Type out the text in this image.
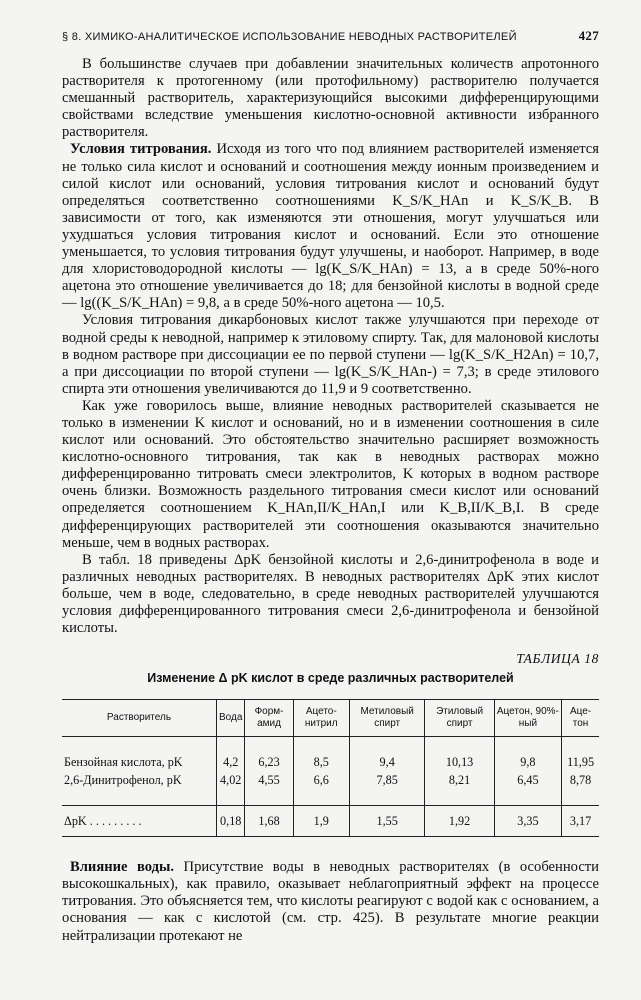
§ 8. ХИМИКО-АНАЛИТИЧЕСКОЕ ИСПОЛЬЗОВАНИЕ НЕВОДНЫХ РАСТВОРИТЕЛЕЙ	427

В большинстве случаев при добавлении значительных количеств апротонного растворителя к протогенному (или протофильному) растворителю получается смешанный растворитель, характеризующийся высокими дифференцирующими свойствами вследствие уменьшения кислотно-основной активности избранного растворителя.

Условия титрования. Исходя из того что под влиянием растворителей изменяется не только сила кислот и оснований и соотношения между ионным произведением и силой кислот или оснований, условия титрования кислот и оснований будут определяться соответственно соотношениями K_S/K_HAn и K_S/K_B. В зависимости от того, как изменяются эти отношения, могут улучшаться или ухудшаться условия титрования кислот и оснований. Если это отношение уменьшается, то условия титрования будут улучшены, и наоборот. Например, в воде для хлористоводородной кислоты — lg(K_S/K_HAn) = 13, а в среде 50%-ного ацетона это отношение увеличивается до 18; для бензойной кислоты в водной среде — lg((K_S/K_HAn) = 9,8, а в среде 50%-ного ацетона — 10,5.

Условия титрования дикарбоновых кислот также улучшаются при переходе от водной среды к неводной, например к этиловому спирту. Так, для малоновой кислоты в водном растворе при диссоциации ее по первой ступени — lg(K_S/K_H2An) = 10,7, а при диссоциации по второй ступени — lg(K_S/K_HAn-) = 7,3; в среде этилового спирта эти отношения увеличиваются до 11,9 и 9 соответственно.

Как уже говорилось выше, влияние неводных растворителей сказывается не только в изменении K кислот и оснований, но и в изменении соотношения в силе кислот или оснований. Это обстоятельство значительно расширяет возможность кислотно-основного титрования, так как в неводных растворах можно дифференцированно титровать смеси электролитов, K которых в водном растворе очень близки. Возможность раздельного титрования смеси кислот или оснований определяется соотношением K_HAn,II/K_HAn,I или K_B,II/K_B,I. В среде дифференцирующих растворителей эти соотношения оказываются значительно меньше, чем в водных растворах.

В табл. 18 приведены ΔpK бензойной кислоты и 2,6-динитрофенола в воде и различных неводных растворителях. В неводных растворителях ΔpK этих кислот больше, чем в воде, следовательно, в среде неводных растворителей улучшаются условия дифференцированного титрования смеси 2,6-динитрофенола и бензойной кислоты.

ТАБЛИЦА 18
Изменение Δ pK кислот в среде различных растворителей
Растворитель	Вода	Форм-амид	Ацето-нитрил	Метиловый спирт	Этиловый спирт	Ацетон, 90%-ный	Аце-тон

Бензойная кислота, pK	4,2	6,23	8,5	9,4	10,13	9,8	11,95
2,6-Динитрофенол, pK	4,02	4,55	6,6	7,85	8,21	6,45	8,78

ΔpK . . . . . . . . .	0,18	1,68	1,9	1,55	1,92	3,35	3,17

Влияние воды. Присутствие воды в неводных растворителях (в особенности высокошкальных), как правило, оказывает неблагоприятный эффект на процессе титрования. Это объясняется тем, что кислоты реагируют с водой как с основанием, а основания — как с кислотой (см. стр. 425). В результате многие реакции нейтрализации протекают не
